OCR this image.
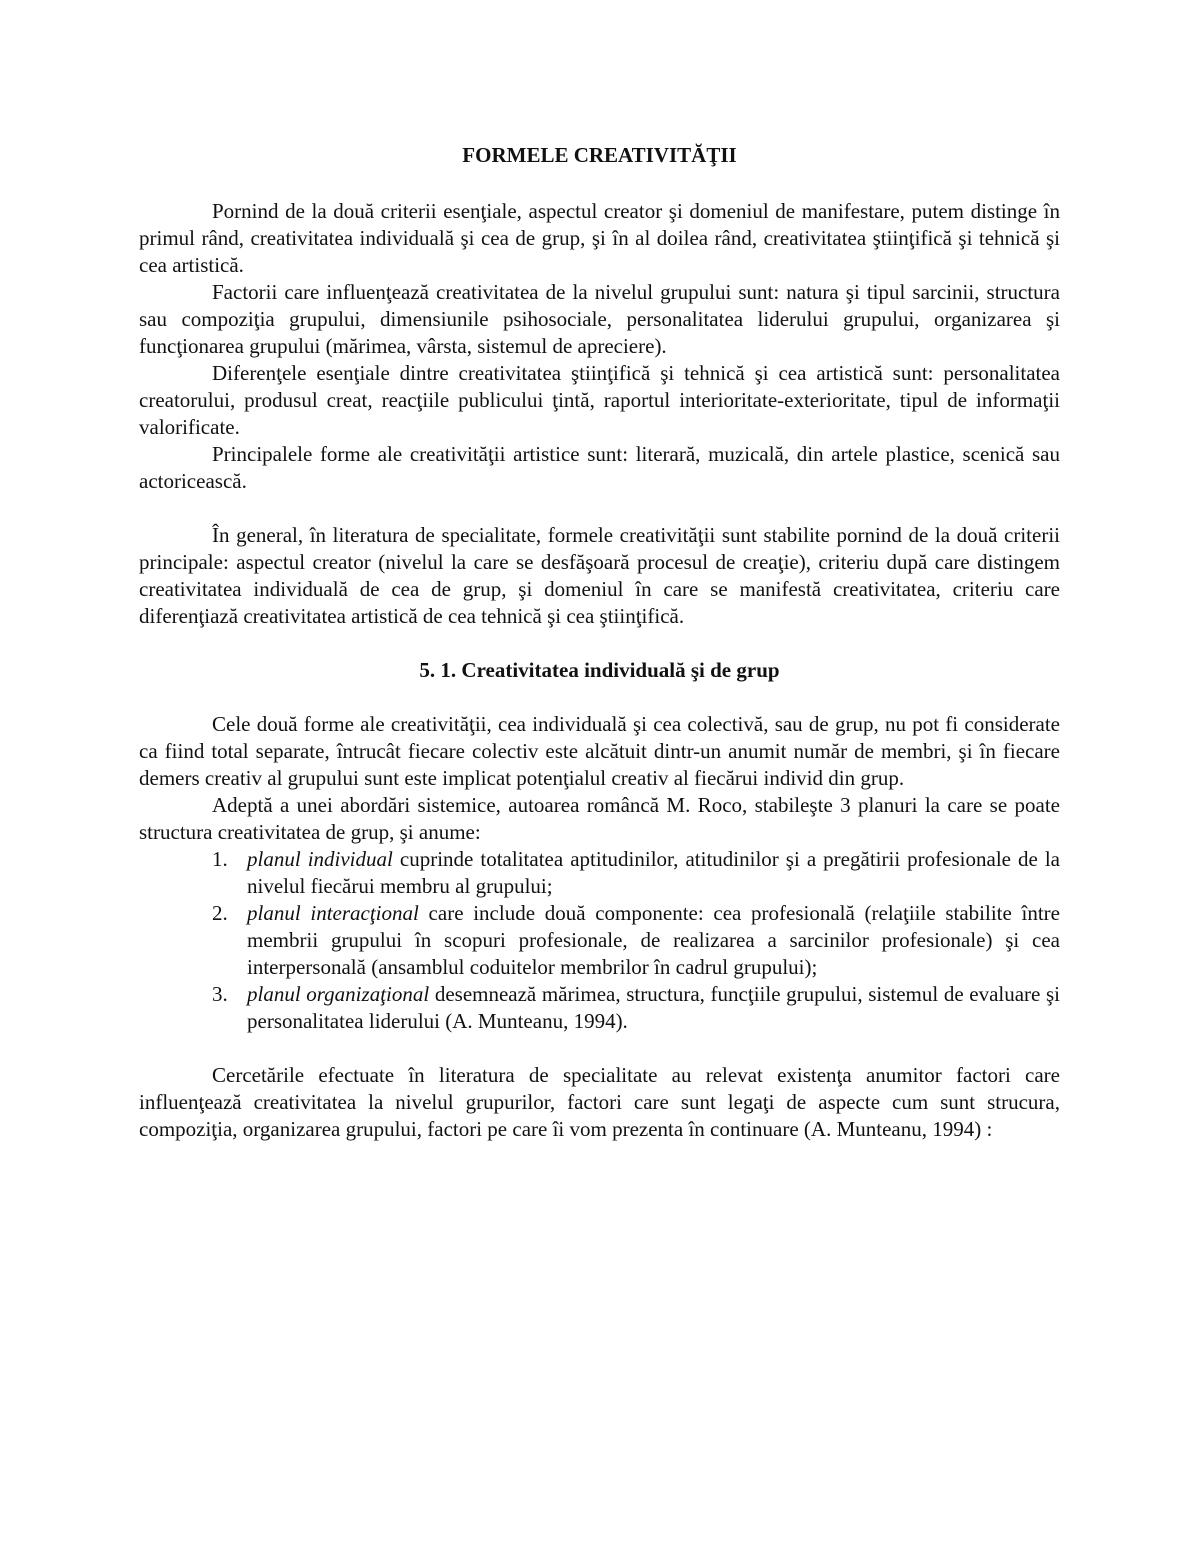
FORMELE CREATIVITĂŢII

Pornind de la două criterii esenţiale, aspectul creator şi domeniul de manifestare, putem distinge în primul rând, creativitatea individuală şi cea de grup, şi în al doilea rând, creativitatea ştiinţifică şi tehnică şi cea artistică.

Factorii care influenţează creativitatea de la nivelul grupului sunt: natura şi tipul sarcinii, structura sau compoziţia grupului, dimensiunile psihosociale, personalitatea liderului grupului, organizarea şi funcţionarea grupului (mărimea, vârsta, sistemul de apreciere).

Diferenţele esenţiale dintre creativitatea ştiinţifică şi tehnică şi cea artistică sunt: personalitatea creatorului, produsul creat, reacţiile publicului ţintă, raportul interioritate-exterioritate, tipul de informaţii valorificate.

Principalele forme ale creativităţii artistice sunt: literară, muzicală, din artele plastice, scenică sau actoricească.

În general, în literatura de specialitate, formele creativităţii sunt stabilite pornind de la două criterii principale: aspectul creator (nivelul la care se desfăşoară procesul de creaţie), criteriu după care distingem creativitatea individuală de cea de grup, şi domeniul în care se manifestă creativitatea, criteriu care diferenţiază creativitatea artistică de cea tehnică şi cea ştiinţifică.

5. 1. Creativitatea individuală şi de grup

Cele două forme ale creativităţii, cea individuală şi cea colectivă, sau de grup, nu pot fi considerate ca fiind total separate, întrucât fiecare colectiv este alcătuit dintr-un anumit număr de membri, şi în fiecare demers creativ al grupului sunt este implicat potenţialul creativ al fiecărui individ din grup.

Adeptă a unei abordări sistemice, autoarea româncă M. Roco, stabileşte 3 planuri la care se poate structura creativitatea de grup, şi anume:

1. planul individual cuprinde totalitatea aptitudinilor, atitudinilor şi a pregătirii profesionale de la nivelul fiecărui membru al grupului;
2. planul interacţional care include două componente: cea profesională (relaţiile stabilite între membrii grupului în scopuri profesionale, de realizarea a sarcinilor profesionale) şi cea interpersonală (ansamblul coduitelor membrilor în cadrul grupului);
3. planul organizaţional desemnează mărimea, structura, funcţiile grupului, sistemul de evaluare şi personalitatea liderului (A. Munteanu, 1994).

Cercetările efectuate în literatura de specialitate au relevat existenţa anumitor factori care influenţează creativitatea la nivelul grupurilor, factori care sunt legaţi de aspecte cum sunt strucura, compoziţia, organizarea grupului, factori pe care îi vom prezenta în continuare (A. Munteanu, 1994) :
